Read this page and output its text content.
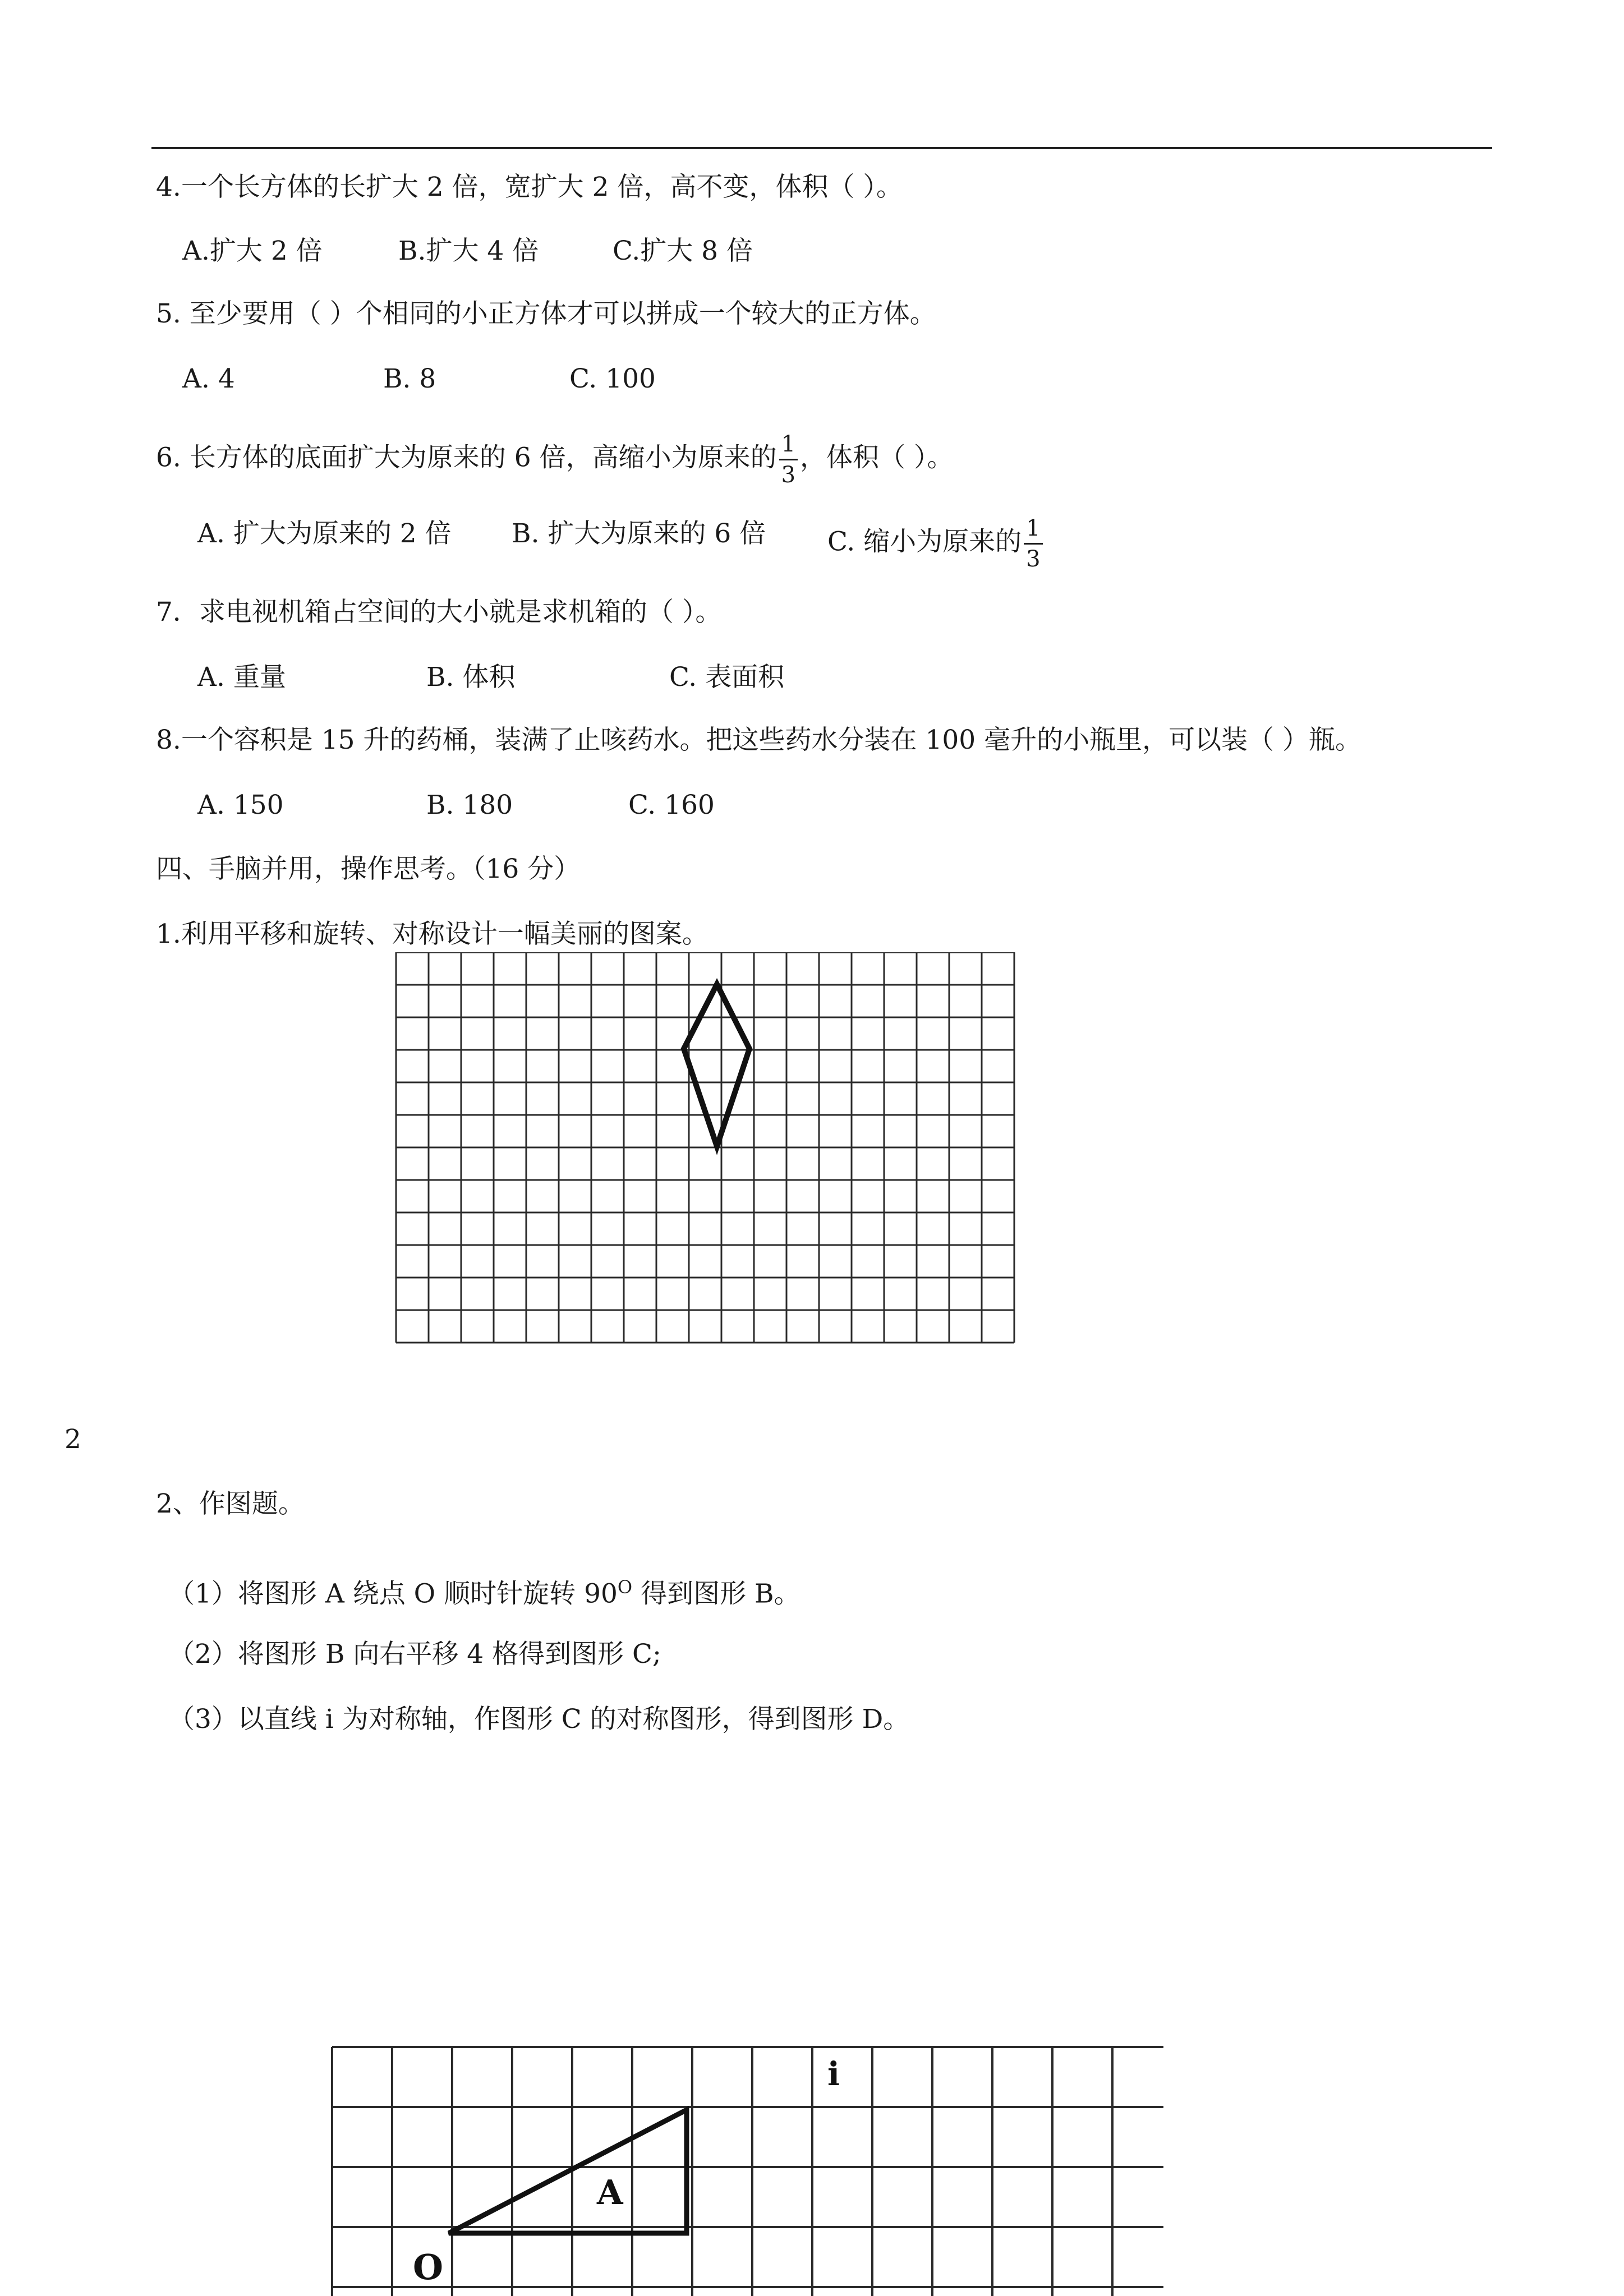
4.一个长方体的长扩大 2 倍，宽扩大 2 倍，高不变，体积（ ）。
A.扩大 2 倍	B.扩大 4 倍	C.扩大 8 倍
5. 至少要用（ ）个相同的小正方体才可以拼成一个较大的正方体。
A. 4	B. 8	C. 100
6. 长方体的底面扩大为原来的 6 倍，高缩小为原来的 $\frac{1}{3}$ ，体积（ ）。
A. 扩大为原来的 2 倍 B. 扩大为原来的 6 倍 C. 缩小为原来的 $\frac{1}{3}$
7．求电视机箱占空间的大小就是求机箱的（ ）。
A. 重量	B. 体积	C. 表面积
8.一个容积是 15 升的药桶，装满了止咳药水。把这些药水分装在 100 毫升的小瓶里，可以装（ ）瓶。
A. 150	B. 180	C. 160
四、手脑并用，操作思考。（16 分）
1.利用平移和旋转、对称设计一幅美丽的图案。
2
2、作图题。
（1）将图形 A 绕点 O 顺时针旋转 $90^O$ 得到图形 B。
（2）将图形 B 向右平移 4 格得到图形 C;
（3）以直线 i 为对称轴，作图形 C 的对称图形，得到图形 D。
i
A
O
